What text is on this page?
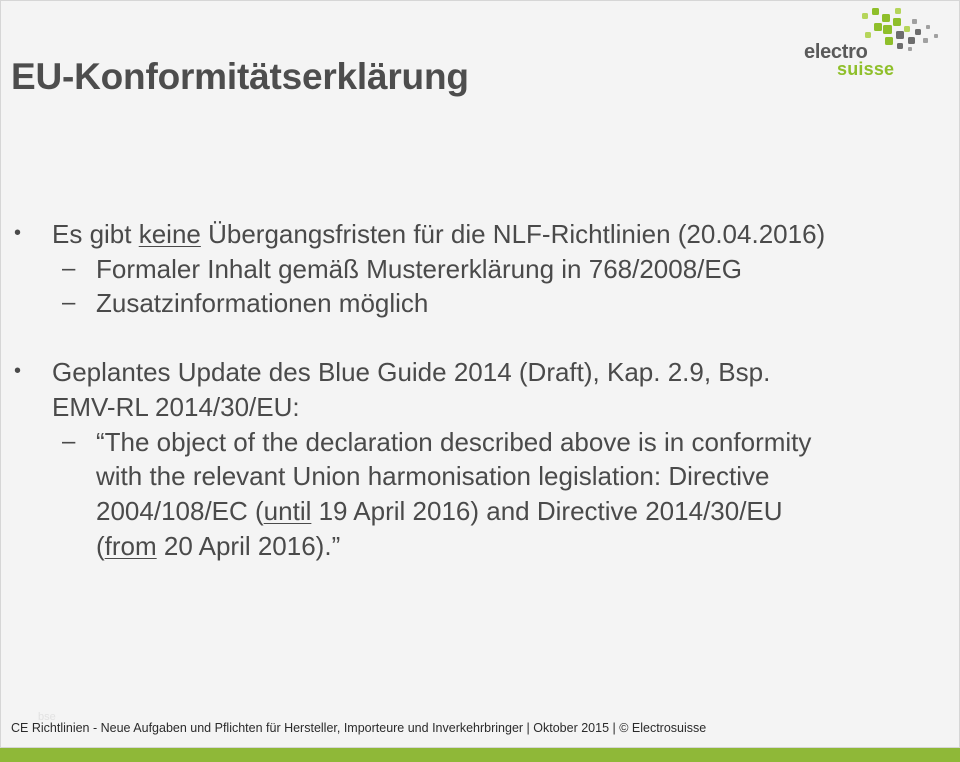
EU-Konformitätserklärung
electro
suisse
• Es gibt keine Übergangsfristen für die NLF-Richtlinien (20.04.2016)
– Formaler Inhalt gemäß Mustererklärung in 768/2008/EG
– Zusatzinformationen möglich
• Geplantes Update des Blue Guide 2014 (Draft), Kap. 2.9, Bsp.
EMV-RL 2014/30/EU:
– “The object of the declaration described above is in conformity
with the relevant Union harmonisation legislation: Directive
2004/108/EC (until 19 April 2016) and Directive 2014/30/EU
(from 20 April 2016).”
bse
CE Richtlinien - Neue Aufgaben und Pflichten für Hersteller, Importeure und Inverkehrbringer | Oktober 2015 | © Electrosuisse
